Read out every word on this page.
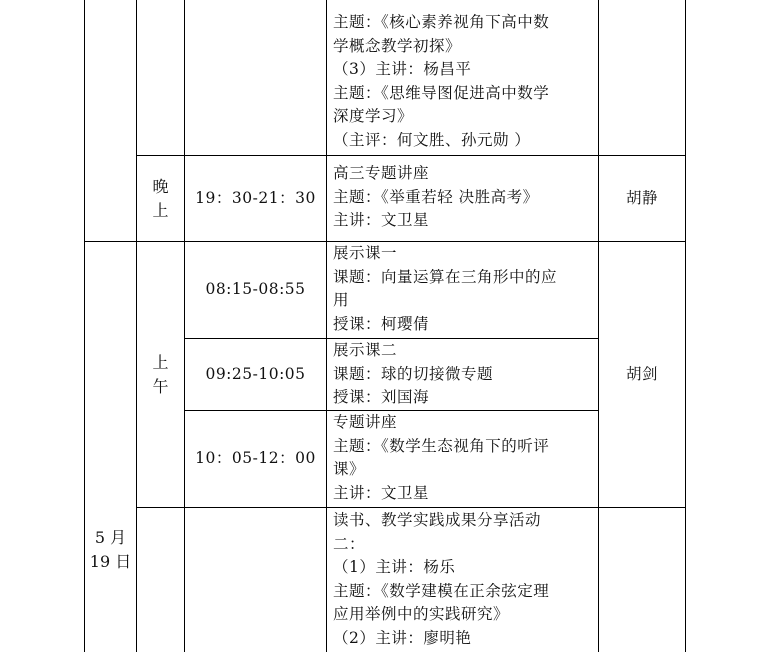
主题：《核心素养视角下高中数
学概念教学初探》
（3）主讲：杨昌平
主题：《思维导图促进高中数学
深度学习》
（主评：何文胜、孙元勋 ）
晚
上
19：30-21：30
高三专题讲座
主题：《举重若轻 决胜高考》
主讲：文卫星
胡静
5 月
19 日
上
午
08:15-08:55
展示课一
课题：向量运算在三角形中的应
用
授课：柯璎倩
09:25-10:05
展示课二
课题：球的切接微专题
授课：刘国海
10：05-12：00
专题讲座
主题：《数学生态视角下的听评
课》
主讲：文卫星
胡剑
读书、教学实践成果分享活动
二：
（1）主讲：杨乐
主题：《数学建模在正余弦定理
应用举例中的实践研究》
（2）主讲：廖明艳
